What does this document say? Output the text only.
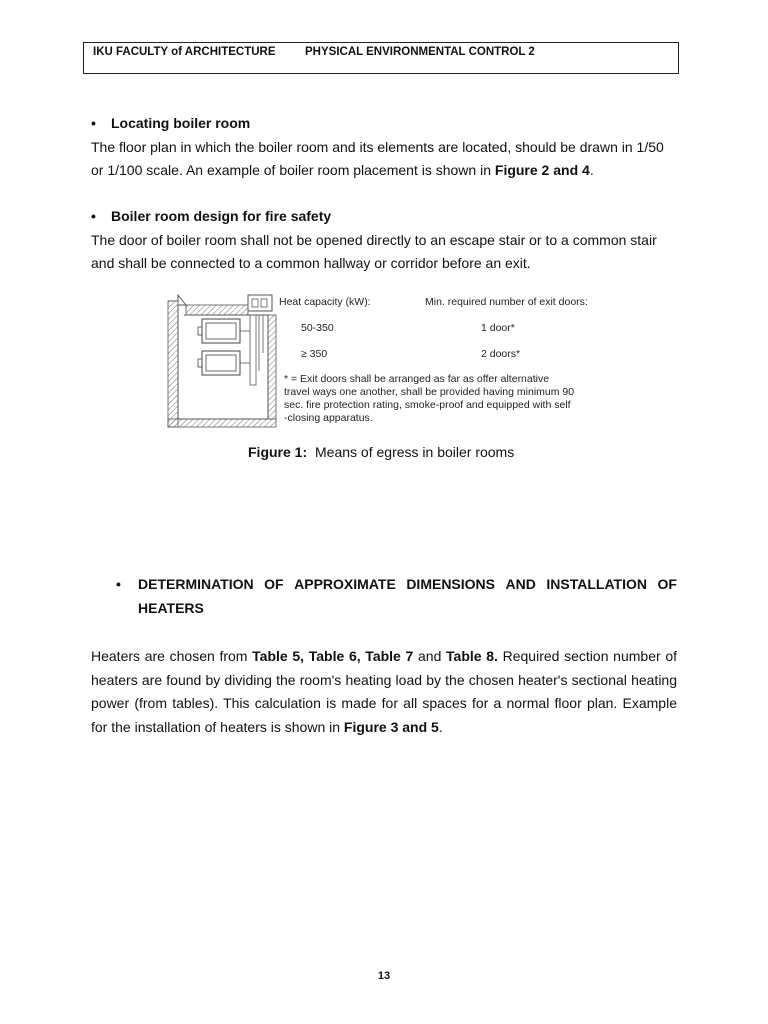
IKU FACULTY of ARCHITECTURE	PHYSICAL ENVIRONMENTAL CONTROL 2
• Locating boiler room

The floor plan in which the boiler room and its elements are located, should be drawn in 1/50 or 1/100 scale. An example of boiler room placement is shown in Figure 2 and 4.

• Boiler room design for fire safety

The door of boiler room shall not be opened directly to an escape stair or to a common stair and shall be connected to a common hallway or corridor before an exit.

Heat capacity (kW):	Min. required number of exit doors:
50-350	1 door*
≥ 350	2 doors*
* = Exit doors shall be arranged as far as offer alternative
travel ways one another, shall be provided having minimum 90
sec. fire protection rating, smoke-proof and equipped with self
-closing apparatus.
Figure 1: Means of egress in boiler rooms
• DETERMINATION OF APPROXIMATE DIMENSIONS AND INSTALLATION OF
HEATERS

Heaters are chosen from Table 5, Table 6, Table 7 and Table 8. Required section number of heaters are found by dividing the room's heating load by the chosen heater's sectional heating power (from tables). This calculation is made for all spaces for a normal floor plan. Example for the installation of heaters is shown in Figure 3 and 5.

13
